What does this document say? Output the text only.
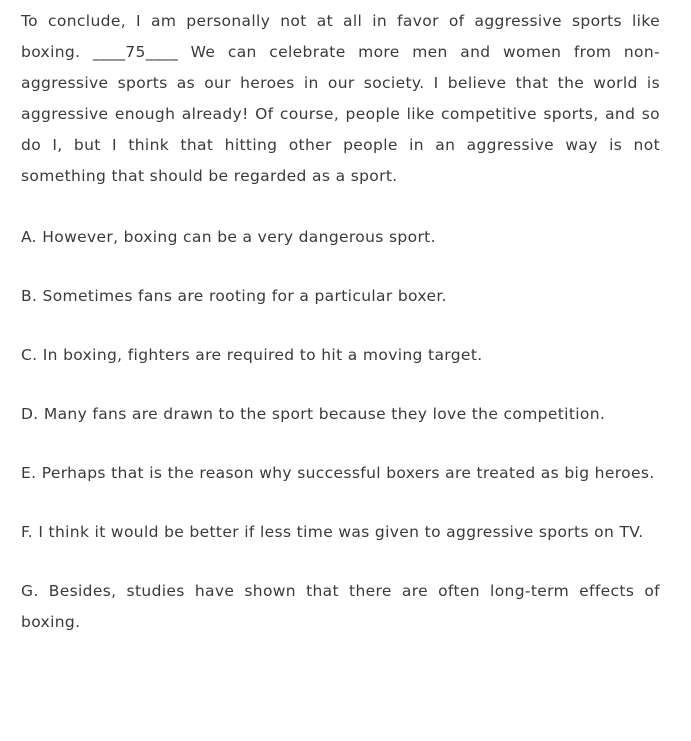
To conclude, I am personally not at all in favor of aggressive sports like boxing. ____75____ We can celebrate more men and women from non-aggressive sports as our heroes in our society. I believe that the world is aggressive enough already! Of course, people like competitive sports, and so do I, but I think that hitting other people in an aggressive way is not something that should be regarded as a sport.

A. However, boxing can be a very dangerous sport.

B. Sometimes fans are rooting for a particular boxer.

C. In boxing, fighters are required to hit a moving target.

D. Many fans are drawn to the sport because they love the competition.

E. Perhaps that is the reason why successful boxers are treated as big heroes.

F. I think it would be better if less time was given to aggressive sports on TV.

G. Besides, studies have shown that there are often long-term effects of boxing.
